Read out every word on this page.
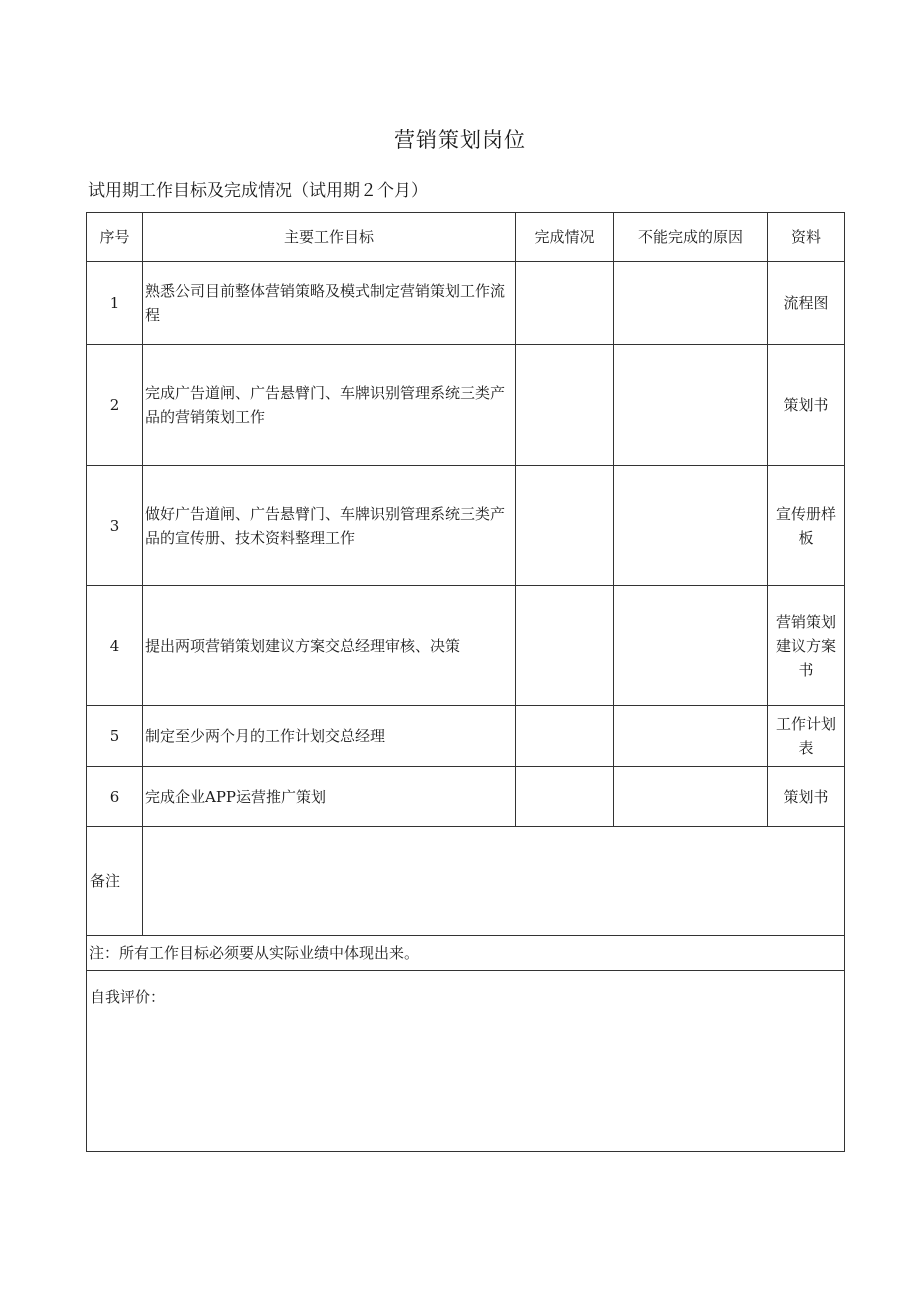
营销策划岗位
试用期工作目标及完成情况（试用期２个月）
序号	主要工作目标	完成情况	不能完成的原因	资料
1	熟悉公司目前整体营销策略及模式制定营销策划工作流程			流程图
2	完成广告道闸、广告悬臂门、车牌识别管理系统三类产品的营销策划工作			策划书
3	做好广告道闸、广告悬臂门、车牌识别管理系统三类产品的宣传册、技术资料整理工作			宣传册样板
4	提出两项营销策划建议方案交总经理审核、决策			营销策划建议方案书
5	制定至少两个月的工作计划交总经理			工作计划表
6	完成企业APP运营推广策划			策划书
备注				
注：所有工作目标必须要从实际业绩中体现出来。				
自我评价：				
